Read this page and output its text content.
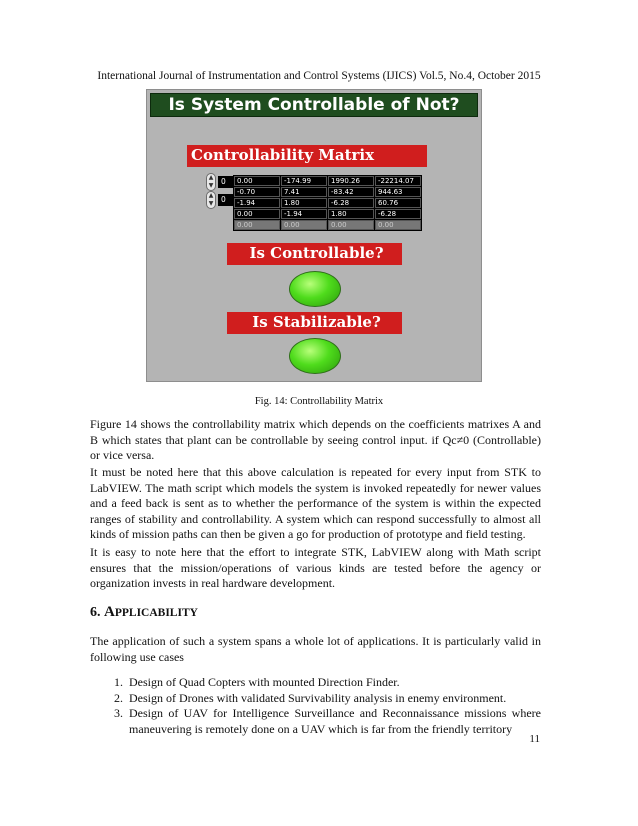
International Journal of Instrumentation and Control Systems (IJICS) Vol.5, No.4, October 2015
Is System Controllable of Not?
Controllability Matrix
▲
▼	0
▲
▼	0
0.00	-174.99	1990.26	-22214.07
-0.70	7.41	-83.42	944.63
-1.94	1.80	-6.28	60.76
0.00	-1.94	1.80	-6.28
0.00	0.00	0.00	0.00
Is Controllable?
Is Stabilizable?
Fig. 14: Controllability Matrix

Figure 14 shows the controllability matrix which depends on the coefficients matrixes A and B which states that plant can be controllable by seeing control input. if Qc≠0 (Controllable) or vice versa.

It must be noted here that this above calculation is repeated for every input from STK to LabVIEW. The math script which models the system is invoked repeatedly for newer values and a feed back is sent as to whether the performance of the system is within the expected ranges of stability and controllability. A system which can respond successfully to almost all kinds of mission paths can then be given a go for production of prototype and field testing.

It is easy to note here that the effort to integrate STK, LabVIEW along with Math script ensures that the mission/operations of various kinds are tested before the agency or organization invests in real hardware development.

6. APPLICABILITY

The application of such a system spans a whole lot of applications. It is particularly valid in following use cases

1. Design of Quad Copters with mounted Direction Finder.
2. Design of Drones with validated Survivability analysis in enemy environment.
3. Design of UAV for Intelligence Surveillance and Reconnaissance missions where maneuvering is remotely done on a UAV which is far from the friendly territory
11
